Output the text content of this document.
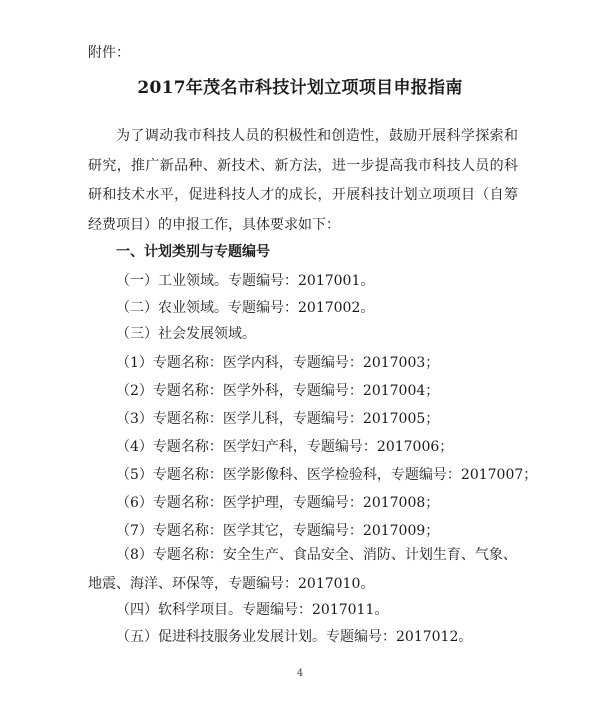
附件：
2017年茂名市科技计划立项项目申报指南

为了调动我市科技人员的积极性和创造性，鼓励开展科学探索和研究，推广新品种、新技术、新方法，进一步提高我市科技人员的科研和技术水平，促进科技人才的成长，开展科技计划立项项目（自筹经费项目）的申报工作，具体要求如下：

一、计划类别与专题编号
（一）工业领域。专题编号：2017001。
（二）农业领域。专题编号：2017002。
（三）社会发展领域。
（1）专题名称：医学内科，专题编号：2017003；
（2）专题名称：医学外科，专题编号：2017004；
（3）专题名称：医学儿科，专题编号：2017005；
（4）专题名称：医学妇产科，专题编号：2017006；
（5）专题名称：医学影像科、医学检验科，专题编号：2017007；
（6）专题名称：医学护理，专题编号：2017008；
（7）专题名称：医学其它，专题编号：2017009；

（8）专题名称：安全生产、食品安全、消防、计划生育、气象、地震、海洋、环保等，专题编号：2017010。

（四）软科学项目。专题编号：2017011。
（五）促进科技服务业发展计划。专题编号：2017012。
4
